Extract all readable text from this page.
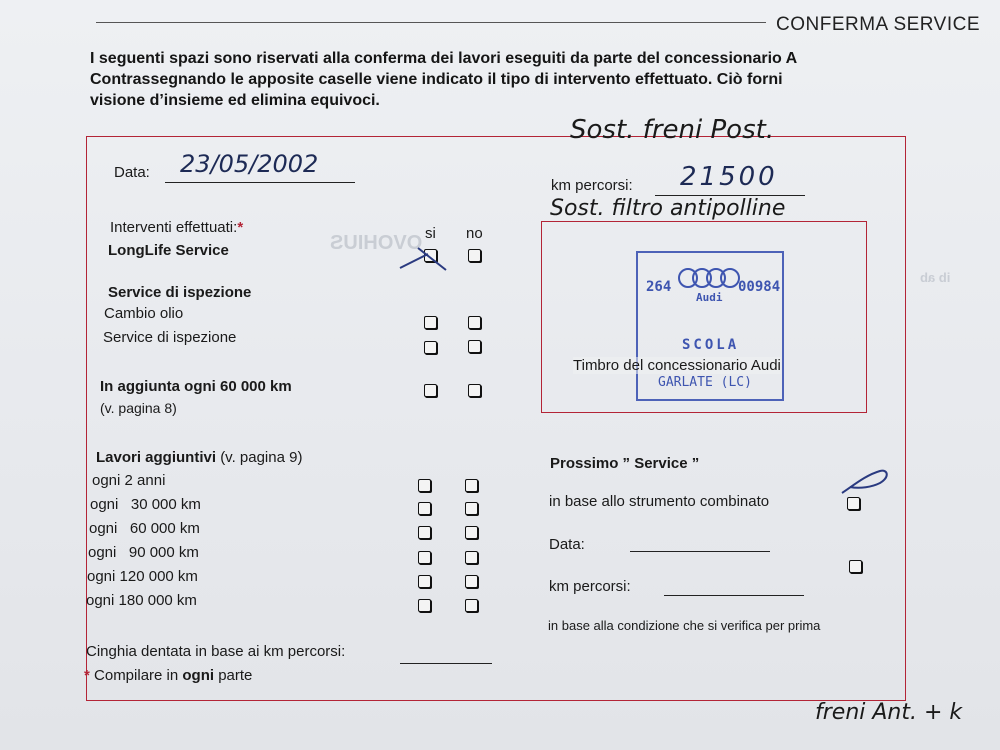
OVOHIUS
ib ab
CONFERMA SERVICE
I seguenti spazi sono riservati alla conferma dei lavori eseguiti da parte del concessionario A
Contrassegnando le apposite caselle viene indicato il tipo di intervento effettuato. Ciò forni
visione d’insieme ed elimina equivoci.
Data: 23/05/2002
km percorsi: 21500
Sost. freni Post.
Sost. filtro antipolline
freni Ant. + k
Interventi effettuati:*	si no
LongLife Service
Service di ispezione
Cambio olio
Service di ispezione
In aggiunta ogni 60 000 km
(v. pagina 8)
Lavori aggiuntivi (v. pagina 9)
ogni 2 anni
ogni   30 000 km
ogni   60 000 km
ogni   90 000 km
ogni 120 000 km
ogni 180 000 km
Cinghia dentata in base ai km percorsi:
* Compilare in ogni parte
264
Audi
00984
SCOLA
GARLATE (LC)
Timbro del concessionario Audi
Prossimo ” Service ”
in base allo strumento combinato
Data:
km percorsi:
in base alla condizione che si verifica per prima
